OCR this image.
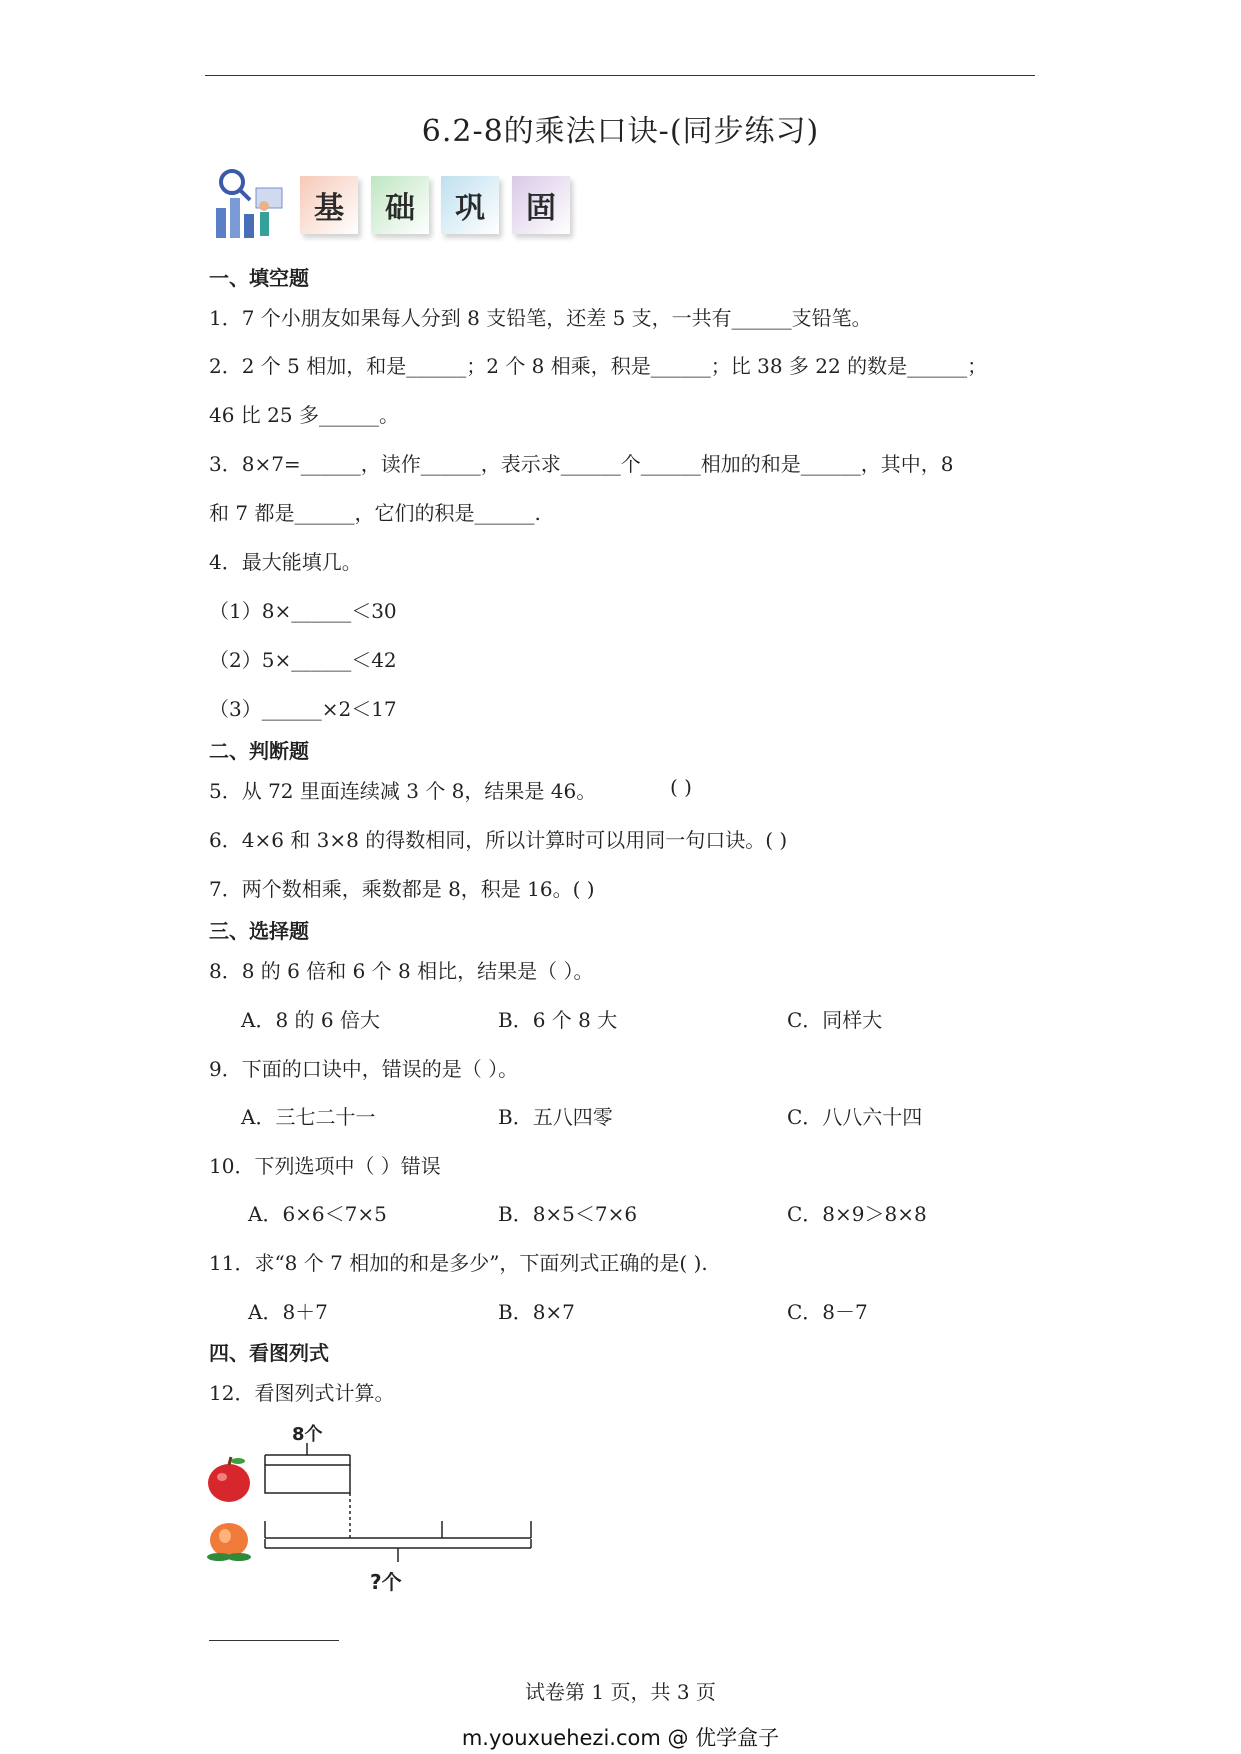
6.2-8的乘法口诀-(同步练习)
基 础 巩 固
一、填空题
1．7 个小朋友如果每人分到 8 支铅笔，还差 5 支，一共有______支铅笔。
2．2 个 5 相加，和是______；2 个 8 相乘，积是______；比 38 多 22 的数是______；
46 比 25 多______。
3．8×7=______，读作______，表示求______个______相加的和是______，其中，8
和 7 都是______，它们的积是______.
4．最大能填几。
（1）8×______＜30
（2）5×______＜42
（3）______×2＜17
二、判断题
5．从 72 里面连续减 3 个 8，结果是 46。	( )
6．4×6 和 3×8 的得数相同，所以计算时可以用同一句口诀。( )
7．两个数相乘，乘数都是 8，积是 16。( )
三、选择题
8．8 的 6 倍和 6 个 8 相比，结果是（ ）。
A．8 的 6 倍大	B．6 个 8 大	C．同样大
9．下面的口诀中，错误的是（ ）。
A．三七二十一	B．五八四零	C．八八六十四
10．下列选项中（ ）错误
A．6×6＜7×5	B．8×5＜7×6	C．8×9＞8×8
11．求“8 个 7 相加的和是多少”，下面列式正确的是( ).
A．8＋7	B．8×7	C．8－7
四、看图列式
12．看图列式计算。
8个
?个
试卷第 1 页，共 3 页
m.youxuehezi.com @ 优学盒子
